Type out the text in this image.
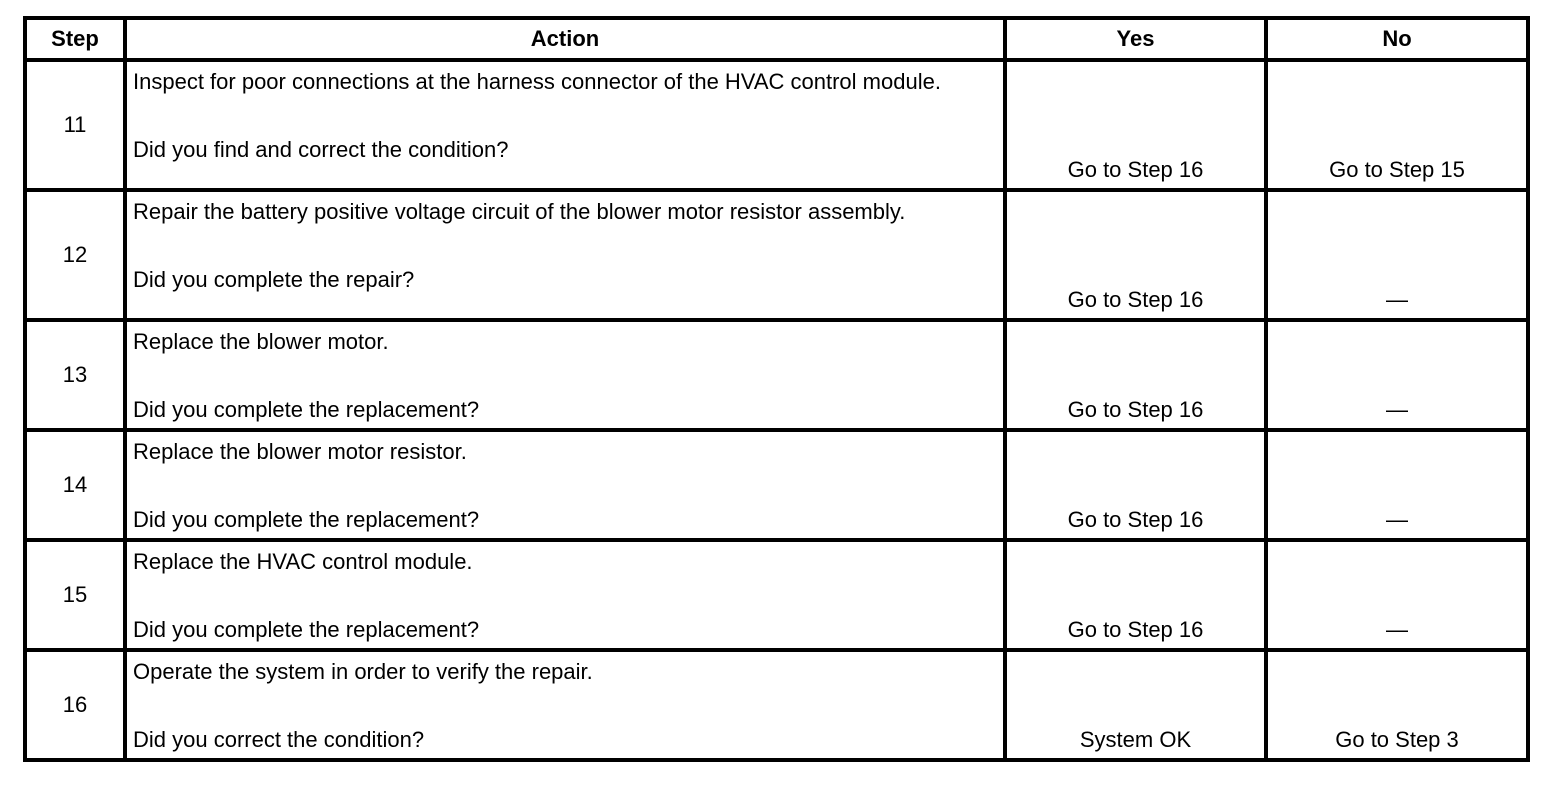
Step	Action	Yes	No
11	Inspect for poor connections at the harness connector of the HVAC control module.
Did you find and correct the condition?	Go to Step 16	Go to Step 15
12	Repair the battery positive voltage circuit of the blower motor resistor assembly.
Did you complete the repair?	Go to Step 16	—
13	Replace the blower motor.
Did you complete the replacement?	Go to Step 16	—
14	Replace the blower motor resistor.
Did you complete the replacement?	Go to Step 16	—
15	Replace the HVAC control module.
Did you complete the replacement?	Go to Step 16	—
16	Operate the system in order to verify the repair.
Did you correct the condition?	System OK	Go to Step 3
